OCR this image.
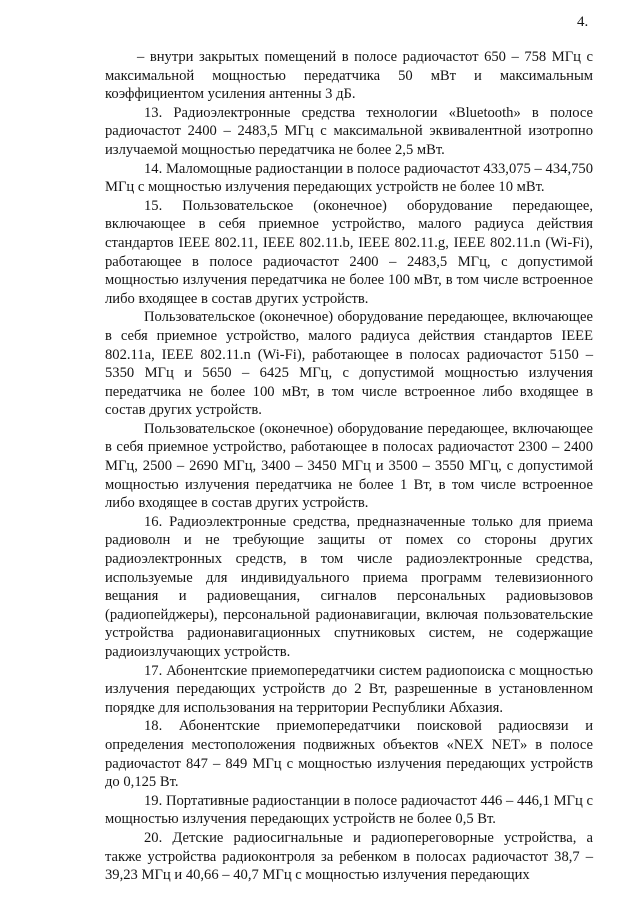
4.

– внутри закрытых помещений в полосе радиочастот 650 – 758 МГц с максимальной мощностью передатчика 50 мВт и максимальным коэффициентом усиления антенны 3 дБ.

13. Радиоэлектронные средства технологии «Bluetooth» в полосе радиочастот 2400 – 2483,5 МГц с максимальной эквивалентной изотропно излучаемой мощностью передатчика не более 2,5 мВт.

14. Маломощные радиостанции в полосе радиочастот 433,075 – 434,750 МГц с мощностью излучения передающих устройств не более 10 мВт.

15. Пользовательское (оконечное) оборудование передающее, включающее в себя приемное устройство, малого радиуса действия стандартов IEEE 802.11, IEEE 802.11.b, IEEE 802.11.g, IEEE 802.11.n (Wi-Fi), работающее в полосе радиочастот 2400 – 2483,5 МГц, с допустимой мощностью излучения передатчика не более 100 мВт, в том числе встроенное либо входящее в состав других устройств.

Пользовательское (оконечное) оборудование передающее, включающее в себя приемное устройство, малого радиуса действия стандартов IEEE 802.11a, IEEE 802.11.n (Wi-Fi), работающее в полосах радиочастот 5150 – 5350 МГц и 5650 – 6425 МГц, с допустимой мощностью излучения передатчика не более 100 мВт, в том числе встроенное либо входящее в состав других устройств.

Пользовательское (оконечное) оборудование передающее, включающее в себя приемное устройство, работающее в полосах радиочастот 2300 – 2400 МГц, 2500 – 2690 МГц, 3400 – 3450 МГц и 3500 – 3550 МГц, с допустимой мощностью излучения передатчика не более 1 Вт, в том числе встроенное либо входящее в состав других устройств.

16. Радиоэлектронные средства, предназначенные только для приема радиоволн и не требующие защиты от помех со стороны других радиоэлектронных средств, в том числе радиоэлектронные средства, используемые для индивидуального приема программ телевизионного вещания и радиовещания, сигналов персональных радиовызовов (радиопейджеры), персональной радионавигации, включая пользовательские устройства радионавигационных спутниковых систем, не содержащие радиоизлучающих устройств.

17. Абонентские приемопередатчики систем радиопоиска с мощностью излучения передающих устройств до 2 Вт, разрешенные в установленном порядке для использования на территории Республики Абхазия.

18. Абонентские приемопередатчики поисковой радиосвязи и определения местоположения подвижных объектов «NEX NET» в полосе радиочастот 847 – 849 МГц с мощностью излучения передающих устройств до 0,125 Вт.

19. Портативные радиостанции в полосе радиочастот 446 – 446,1 МГц с мощностью излучения передающих устройств не более 0,5 Вт.

20. Детские радиосигнальные и радиопереговорные устройства, а также устройства радиоконтроля за ребенком в полосах радиочастот 38,7 – 39,23 МГц и 40,66 – 40,7 МГц с мощностью излучения передающих
